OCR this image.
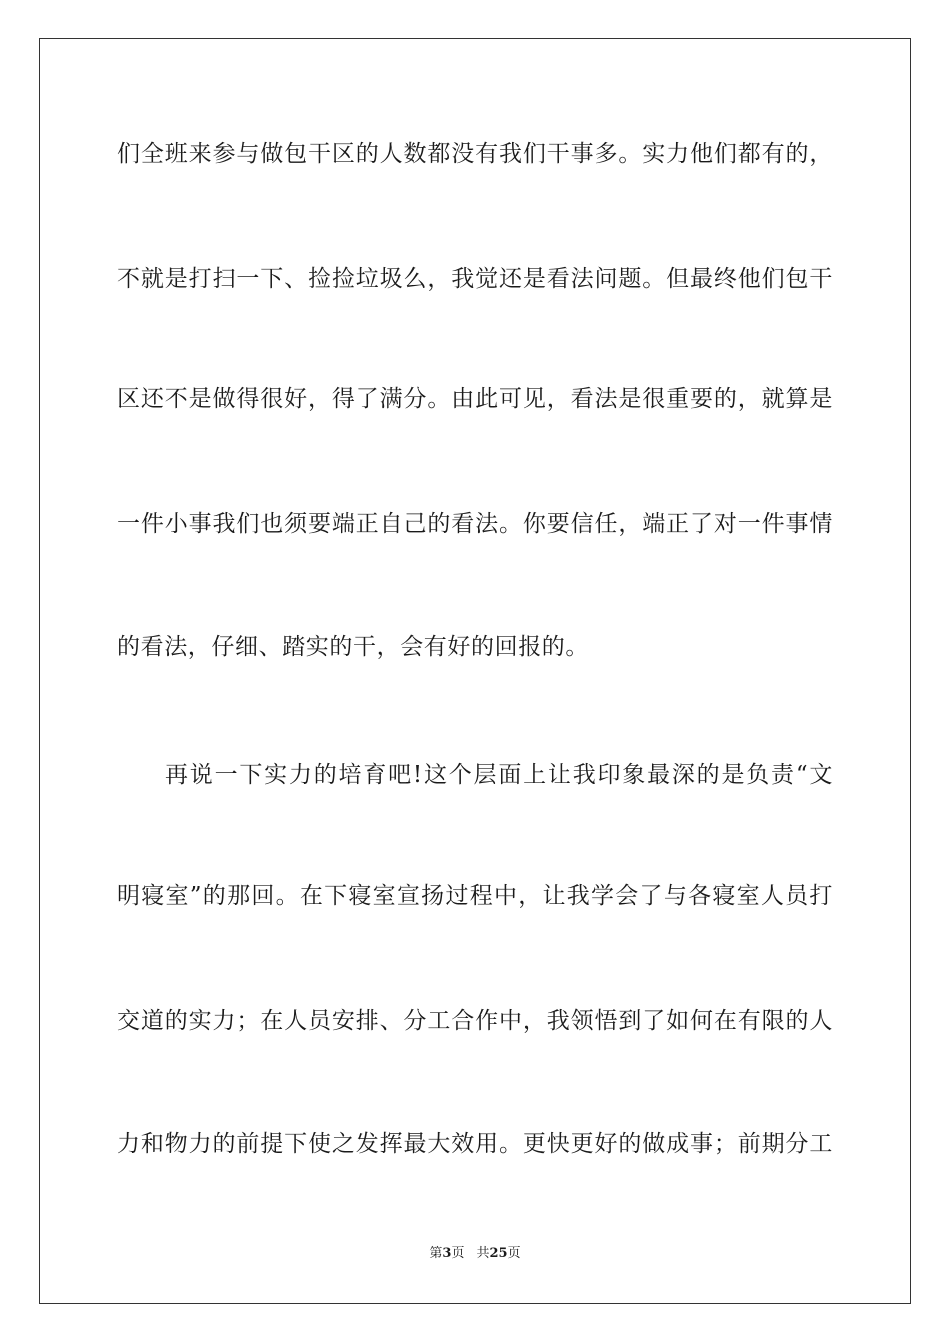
们全班来参与做包干区的人数都没有我们干事多。实力他们都有的，
不就是打扫一下、捡捡垃圾么，我觉还是看法问题。但最终他们包干
区还不是做得很好，得了满分。由此可见，看法是很重要的，就算是
一件小事我们也须要端正自己的看法。你要信任，端正了对一件事情
的看法，仔细、踏实的干，会有好的回报的。
再说一下实力的培育吧!这个层面上让我印象最深的是负责“文
明寝室”的那回。在下寝室宣扬过程中，让我学会了与各寝室人员打
交道的实力；在人员安排、分工合作中，我领悟到了如何在有限的人
力和物力的前提下使之发挥最大效用。更快更好的做成事；前期分工
第3页 共25页
